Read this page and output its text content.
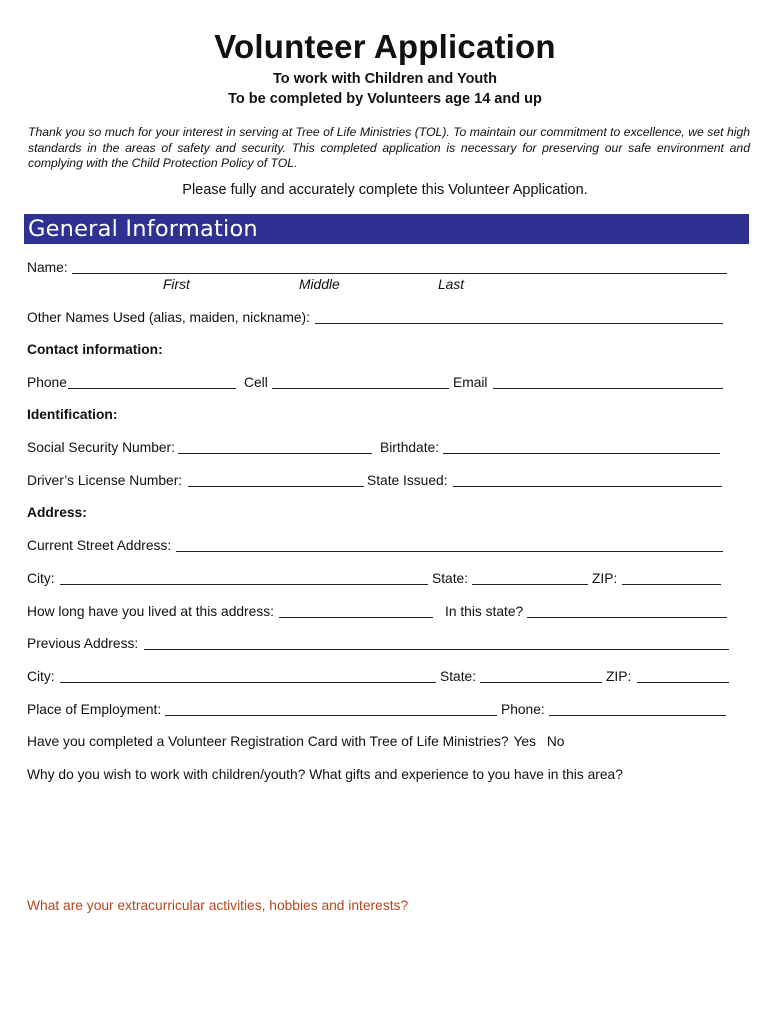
Volunteer Application
To work with Children and Youth
To be completed by Volunteers age 14 and up
Thank you so much for your interest in serving at Tree of Life Ministries (TOL). To maintain our commitment to excellence, we set high standards in the areas of safety and security. This completed application is necessary for preserving our safe environment and complying with the Child Protection Policy of TOL.
Please fully and accurately complete this Volunteer Application.
General Information
Name:
First	Middle	Last
Other Names Used (alias, maiden, nickname):
Contact information:
Phone	Cell	Email
Identification:
Social Security Number:	Birthdate:
Driver’s License Number:	State Issued:
Address:
Current Street Address:
City:	State:	ZIP:
How long have you lived at this address:	In this state?
Previous Address:
City:	State:	ZIP:
Place of Employment:	Phone:
Have you completed a Volunteer Registration Card with Tree of Life Ministries? Yes No
Why do you wish to work with children/youth? What gifts and experience to you have in this area?
What are your extracurricular activities, hobbies and interests?
